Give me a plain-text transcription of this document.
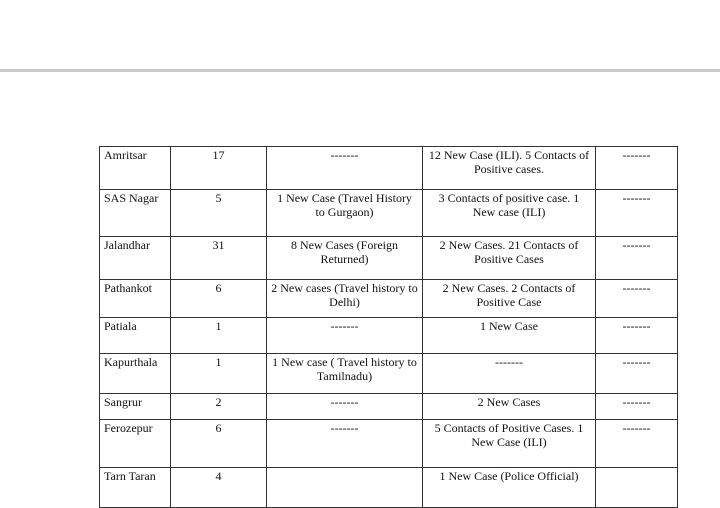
Amritsar	17	-------	12 New Case (ILI). 5 Contacts of Positive cases.	-------
SAS Nagar	5	1 New Case (Travel History to Gurgaon)	3 Contacts of positive case. 1 New case (ILI)	-------
Jalandhar	31	8 New Cases (Foreign Returned)	2 New Cases. 21 Contacts of Positive Cases	-------
Pathankot	6	2 New cases (Travel history to Delhi)	2 New Cases. 2 Contacts of Positive Case	-------
Patiala	1	-------	1 New Case	-------
Kapurthala	1	1 New case ( Travel history to Tamilnadu)	-------	-------
Sangrur	2	-------	2 New Cases	-------
Ferozepur	6	-------	5 Contacts of Positive Cases. 1 New Case (ILI)	-------
Tarn Taran	4		1 New Case (Police Official)	
